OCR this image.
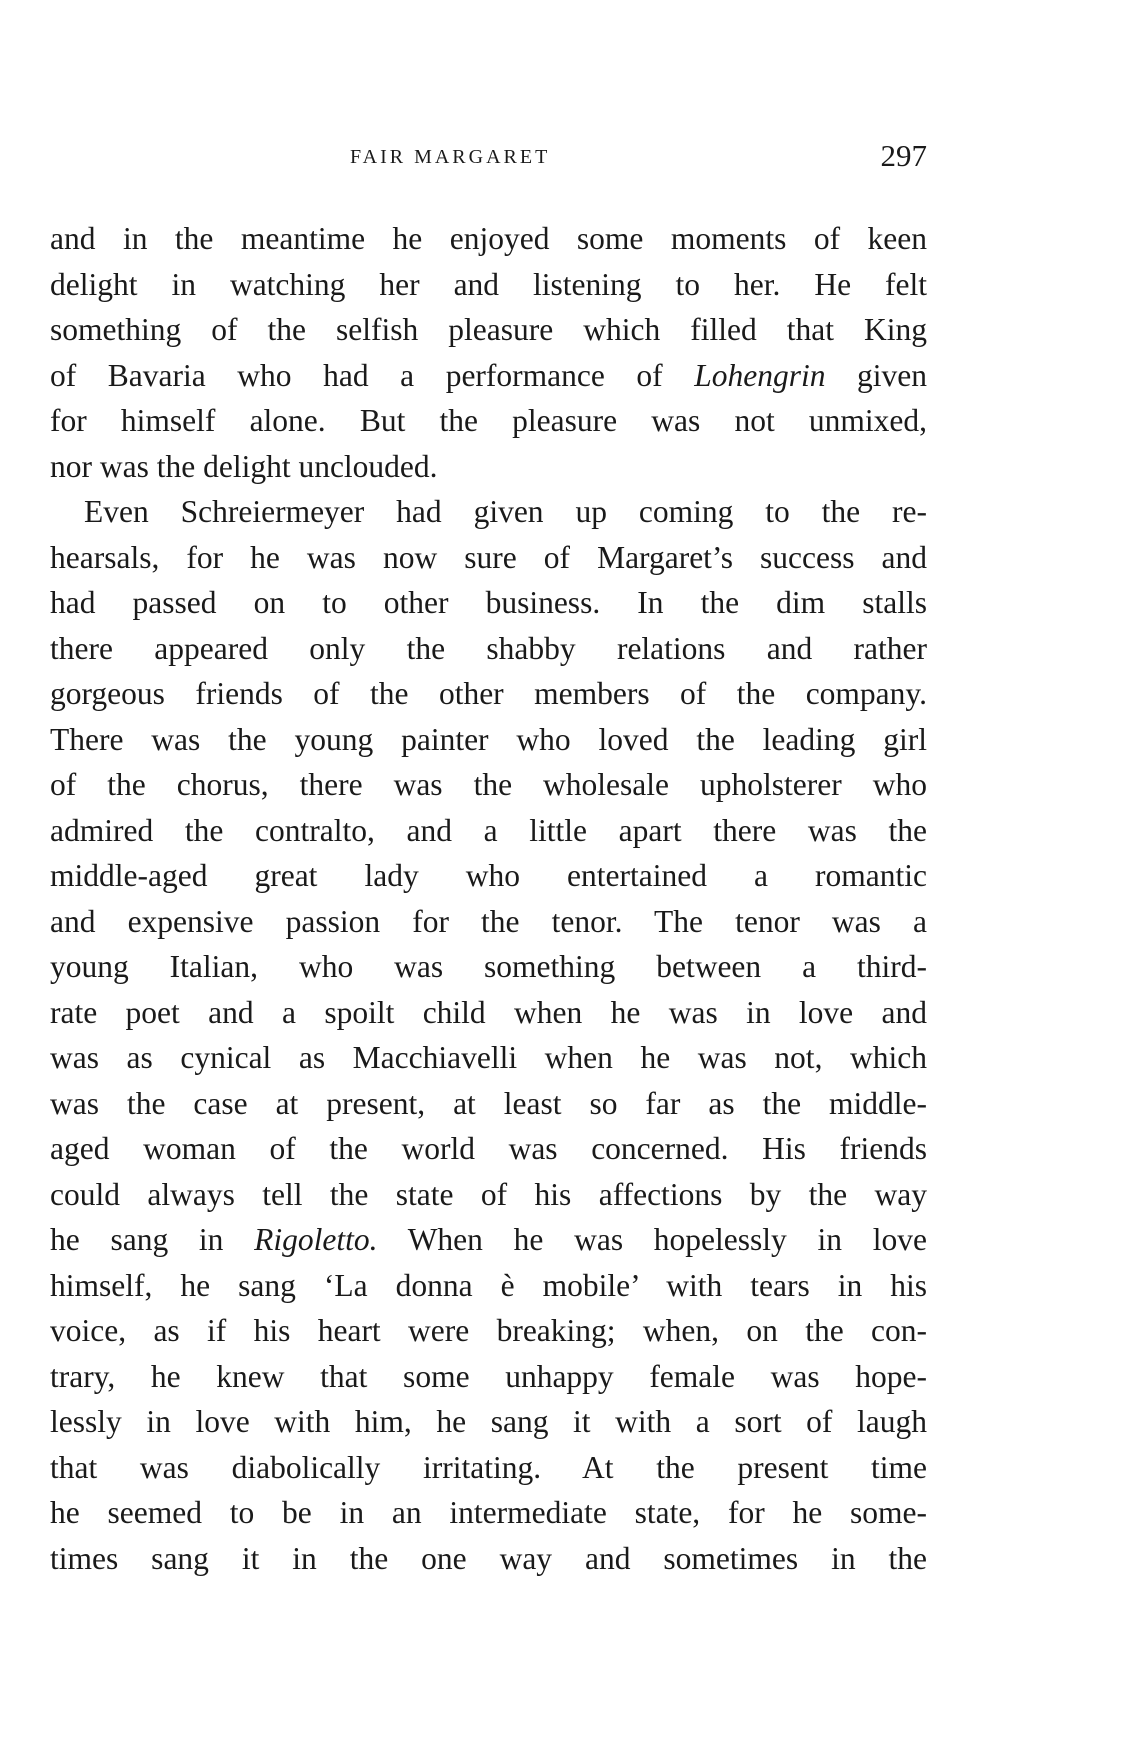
FAIR MARGARET	297
and in the meantime he enjoyed some moments of keen
delight in watching her and listening to her. He felt
something of the selfish pleasure which filled that King
of Bavaria who had a performance of Lohengrin given
for himself alone. But the pleasure was not unmixed,
nor was the delight unclouded.
Even Schreiermeyer had given up coming to the re-
hearsals, for he was now sure of Margaret’s success and
had passed on to other business. In the dim stalls
there appeared only the shabby relations and rather
gorgeous friends of the other members of the company.
There was the young painter who loved the leading girl
of the chorus, there was the wholesale upholsterer who
admired the contralto, and a little apart there was the
middle-aged great lady who entertained a romantic
and expensive passion for the tenor. The tenor was a
young Italian, who was something between a third-
rate poet and a spoilt child when he was in love and
was as cynical as Macchiavelli when he was not, which
was the case at present, at least so far as the middle-
aged woman of the world was concerned. His friends
could always tell the state of his affections by the way
he sang in Rigoletto. When he was hopelessly in love
himself, he sang ‘La donna è mobile’ with tears in his
voice, as if his heart were breaking; when, on the con-
trary, he knew that some unhappy female was hope-
lessly in love with him, he sang it with a sort of laugh
that was diabolically irritating. At the present time
he seemed to be in an intermediate state, for he some-
times sang it in the one way and sometimes in the
